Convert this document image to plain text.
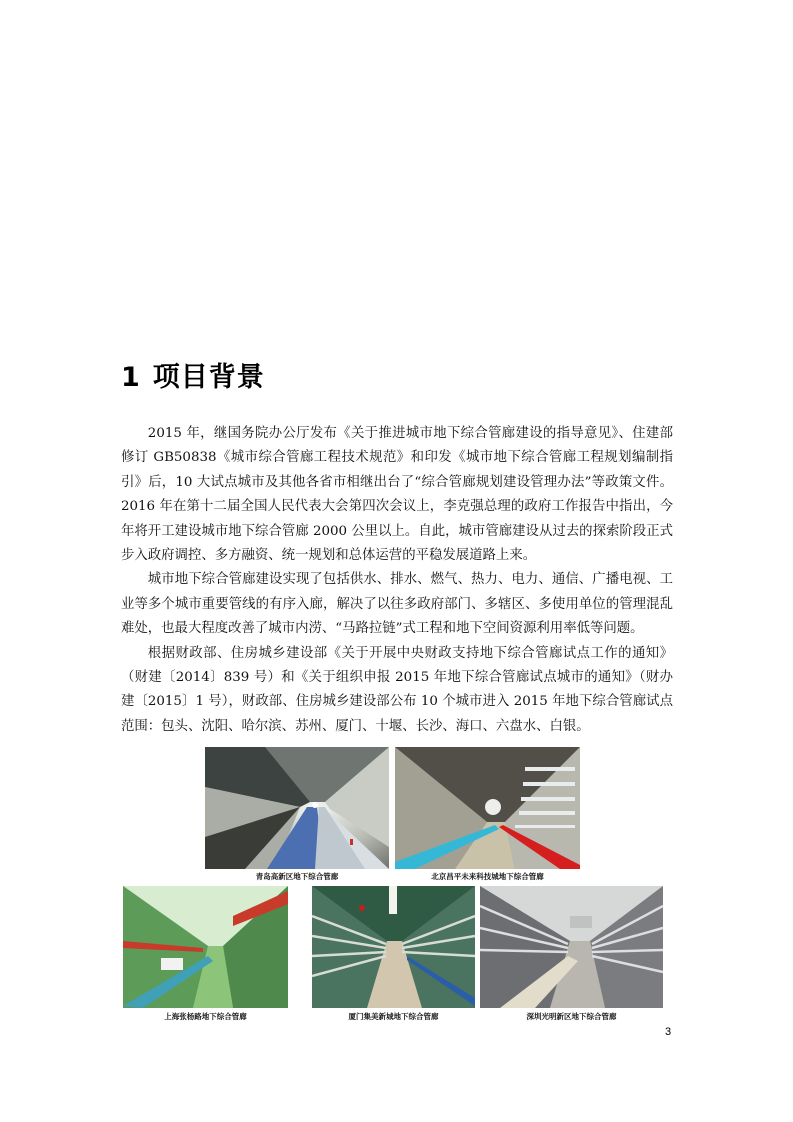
1 项目背景

2015 年，继国务院办公厅发布《关于推进城市地下综合管廊建设的指导意见》、住建部修订 GB50838《城市综合管廊工程技术规范》和印发《城市地下综合管廊工程规划编制指引》后，10 大试点城市及其他各省市相继出台了“综合管廊规划建设管理办法”等政策文件。2016 年在第十二届全国人民代表大会第四次会议上，李克强总理的政府工作报告中指出，今年将开工建设城市地下综合管廊 2000 公里以上。自此，城市管廊建设从过去的探索阶段正式步入政府调控、多方融资、统一规划和总体运营的平稳发展道路上来。

城市地下综合管廊建设实现了包括供水、排水、燃气、热力、电力、通信、广播电视、工业等多个城市重要管线的有序入廊，解决了以往多政府部门、多辖区、多使用单位的管理混乱难处，也最大程度改善了城市内涝、“马路拉链”式工程和地下空间资源利用率低等问题。

根据财政部、住房城乡建设部《关于开展中央财政支持地下综合管廊试点工作的通知》（财建〔2014〕839 号）和《关于组织申报 2015 年地下综合管廊试点城市的通知》（财办建〔2015〕1 号），财政部、住房城乡建设部公布 10 个城市进入 2015 年地下综合管廊试点范围：包头、沈阳、哈尔滨、苏州、厦门、十堰、长沙、海口、六盘水、白银。

青岛高新区地下综合管廊	北京昌平未来科技城地下综合管廊
上海张杨路地下综合管廊	厦门集美新城地下综合管廊	深圳光明新区地下综合管廊
3
